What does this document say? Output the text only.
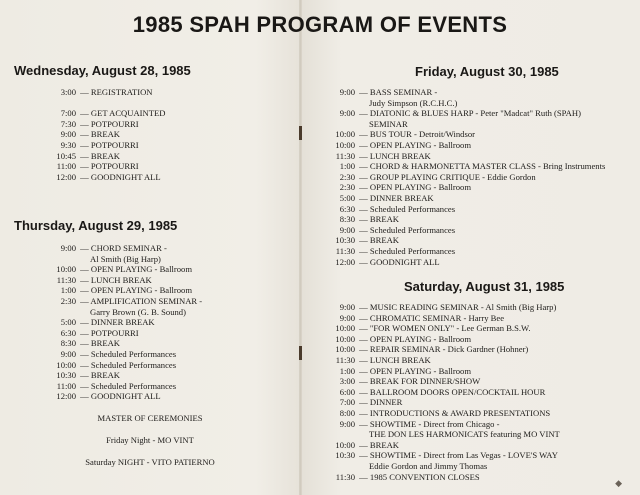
1985 SPAH PROGRAM OF EVENTS
Wednesday, August 28, 1985
3:00 — REGISTRATION
7:00 — GET ACQUAINTED
7:30 — POTPOURRI
9:00 — BREAK
9:30 — POTPOURRI
10:45 — BREAK
11:00 — POTPOURRI
12:00 — GOODNIGHT ALL
Thursday, August 29, 1985
9:00 — CHORD SEMINAR -
Al Smith (Big Harp)
10:00 — OPEN PLAYING - Ballroom
11:30 — LUNCH BREAK
1:00 — OPEN PLAYING - Ballroom
2:30 — AMPLIFICATION SEMINAR -
Garry Brown (G. B. Sound)
5:00 — DINNER BREAK
6:30 — POTPOURRI
8:30 — BREAK
9:00 — Scheduled Performances
10:00 — Scheduled Performances
10:30 — BREAK
11:00 — Scheduled Performances
12:00 — GOODNIGHT ALL
MASTER OF CEREMONIES
Friday Night - MO VINT
Saturday NIGHT - VITO PATIERNO
Friday, August 30, 1985
9:00 — BASS SEMINAR -
Judy Simpson (R.C.H.C.)
9:00 — DIATONIC & BLUES HARP - Peter "Madcat" Ruth (SPAH)
SEMINAR
10:00 — BUS TOUR - Detroit/Windsor
10:00 — OPEN PLAYING - Ballroom
11:30 — LUNCH BREAK
1:00 — CHORD & HARMONETTA MASTER CLASS - Bring Instruments
2:30 — GROUP PLAYING CRITIQUE - Eddie Gordon
2:30 — OPEN PLAYING - Ballroom
5:00 — DINNER BREAK
6:30 — Scheduled Performances
8:30 — BREAK
9:00 — Scheduled Performances
10:30 — BREAK
11:30 — Scheduled Performances
12:00 — GOODNIGHT ALL
Saturday, August 31, 1985
9:00 — MUSIC READING SEMINAR - Al Smith (Big Harp)
9:00 — CHROMATIC SEMINAR - Harry Bee
10:00 — "FOR WOMEN ONLY" - Lee German B.S.W.
10:00 — OPEN PLAYING - Ballroom
10:00 — REPAIR SEMINAR - Dick Gardner (Hohner)
11:30 — LUNCH BREAK
1:00 — OPEN PLAYING - Ballroom
3:00 — BREAK FOR DINNER/SHOW
6:00 — BALLROOM DOORS OPEN/COCKTAIL HOUR
7:00 — DINNER
8:00 — INTRODUCTIONS & AWARD PRESENTATIONS
9:00 — SHOWTIME - Direct from Chicago -
THE DON LES HARMONICATS featuring MO VINT
10:00 — BREAK
10:30 — SHOWTIME - Direct from Las Vegas - LOVE'S WAY
Eddie Gordon and Jimmy Thomas
11:30 — 1985 CONVENTION CLOSES
◆
